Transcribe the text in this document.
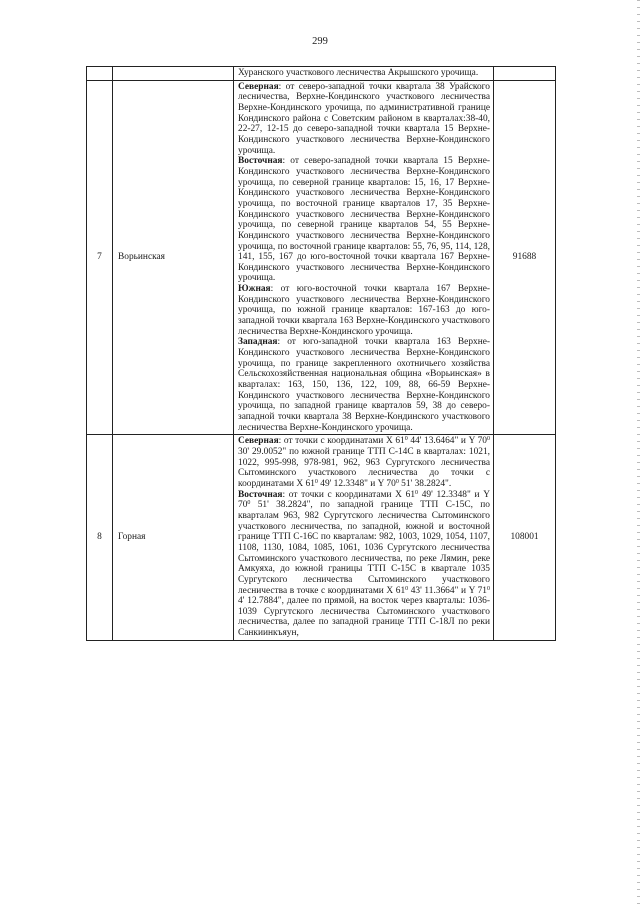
299

		Хуранского участкового лесничества Акрышского урочища.	

7	Ворьинская	Северная: от северо-западной точки квартала 38 Урайского лесничества, Верхне-Кондинского участкового лесничества Верхне-Кондинского урочища, по административной границе Кондинского района с Советским районом в кварталах:38-40, 22-27, 12-15 до северо-западной точки квартала 15 Верхне-Кондинского участкового лесничества Верхне-Кондинского урочища.

Восточная: от северо-западной точки квартала 15 Верхне-Кондинского участкового лесничества Верхне-Кондинского урочища, по северной границе кварталов: 15, 16, 17 Верхне-Кондинского участкового лесничества Верхне-Кондинского урочища, по восточной границе кварталов 17, 35 Верхне-Кондинского участкового лесничества Верхне-Кондинского урочища, по северной границе кварталов 54, 55 Верхне-Кондинского участкового лесничества Верхне-Кондинского урочища, по восточной границе кварталов: 55, 76, 95, 114, 128, 141, 155, 167 до юго-восточной точки квартала 167 Верхне-Кондинского участкового лесничества Верхне-Кондинского урочища.

Южная: от юго-восточной точки квартала 167 Верхне-Кондинского участкового лесничества Верхне-Кондинского урочища, по южной границе кварталов: 167-163 до юго-западной точки квартала 163 Верхне-Кондинского участкового лесничества Верхне-Кондинского урочища.

Западная: от юго-западной точки квартала 163 Верхне-Кондинского участкового лесничества Верхне-Кондинского урочища, по границе закрепленного охотничьего хозяйства Сельскохозяйственная национальная община «Ворьинская» в кварталах: 163, 150, 136, 122, 109, 88, 66-59 Верхне-Кондинского участкового лесничества Верхне-Кондинского урочища, по западной границе кварталов 59, 38 до северо-западной точки квартала 38 Верхне-Кондинского участкового лесничества Верхне-Кондинского урочища.	91688
8	Горная	Северная: от точки с координатами X $61^0$ 44' 13.6464" и Y $70^0$ 30' 29.0052" по южной границе ТТП С-14С в кварталах: 1021, 1022, 995-998, 978-981, 962, 963 Сургутского лесничества Сытоминского участкового лесничества до точки с координатами X $61^0$ 49' 12.3348" и Y $70^0$ 51' 38.2824".

Восточная: от точки с координатами X $61^0$ 49' 12.3348" и Y $70^0$ 51' 38.2824", по западной границе ТТП С-15С, по кварталам 963, 982 Сургутского лесничества Сытоминского участкового лесничества, по западной, южной и восточной границе ТТП С-16С по кварталам: 982, 1003, 1029, 1054, 1107, 1108, 1130, 1084, 1085, 1061, 1036 Сургутского лесничества Сытоминского участкового лесничества, по реке Лямин, реке Амкуяха, до южной границы ТТП С-15С в квартале 1035 Сургутского лесничества Сытоминского участкового лесничества в точке с координатами X $61^0$ 43' 11.3664" и Y $71^0$ 4' 12.7884", далее по прямой, на восток через кварталы: 1036-1039 Сургутского лесничества Сытоминского участкового лесничества, далее по западной границе ТТП С-18Л по реки Санкиинкъяун,	108001
